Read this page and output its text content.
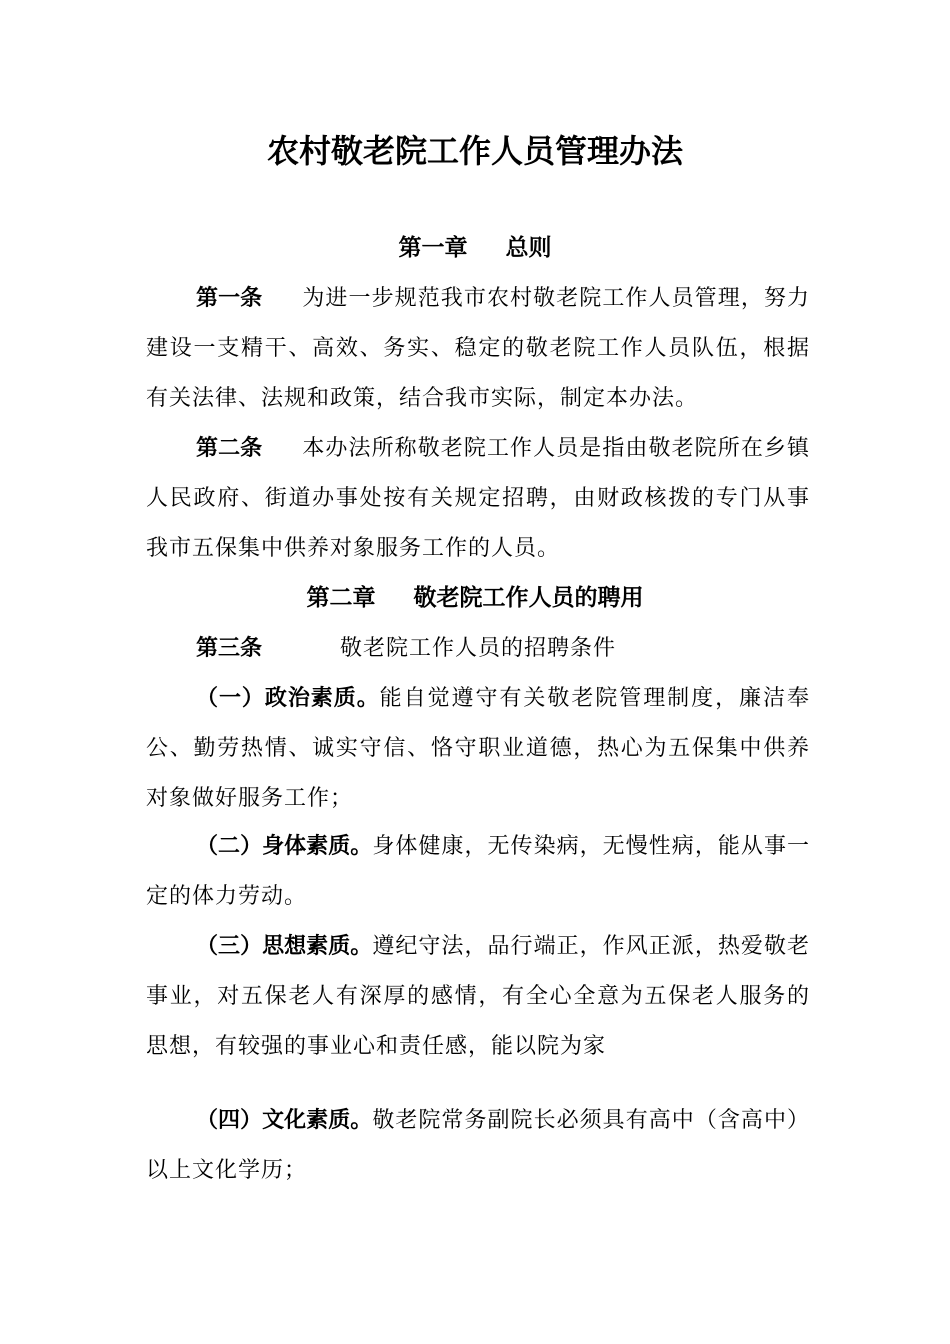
农村敬老院工作人员管理办法
第一章 总则

第一条 为进一步规范我市农村敬老院工作人员管理，努力建设一支精干、高效、务实、稳定的敬老院工作人员队伍，根据有关法律、法规和政策，结合我市实际，制定本办法。

第二条 本办法所称敬老院工作人员是指由敬老院所在乡镇人民政府、街道办事处按有关规定招聘，由财政核拨的专门从事我市五保集中供养对象服务工作的人员。

第二章 敬老院工作人员的聘用

第三条	敬老院工作人员的招聘条件

（一）政治素质。能自觉遵守有关敬老院管理制度，廉洁奉公、勤劳热情、诚实守信、恪守职业道德，热心为五保集中供养对象做好服务工作；

（二）身体素质。身体健康，无传染病，无慢性病，能从事一定的体力劳动。

（三）思想素质。遵纪守法，品行端正，作风正派，热爱敬老事业，对五保老人有深厚的感情，有全心全意为五保老人服务的思想，有较强的事业心和责任感，能以院为家

（四）文化素质。敬老院常务副院长必须具有高中（含高中）以上文化学历；
